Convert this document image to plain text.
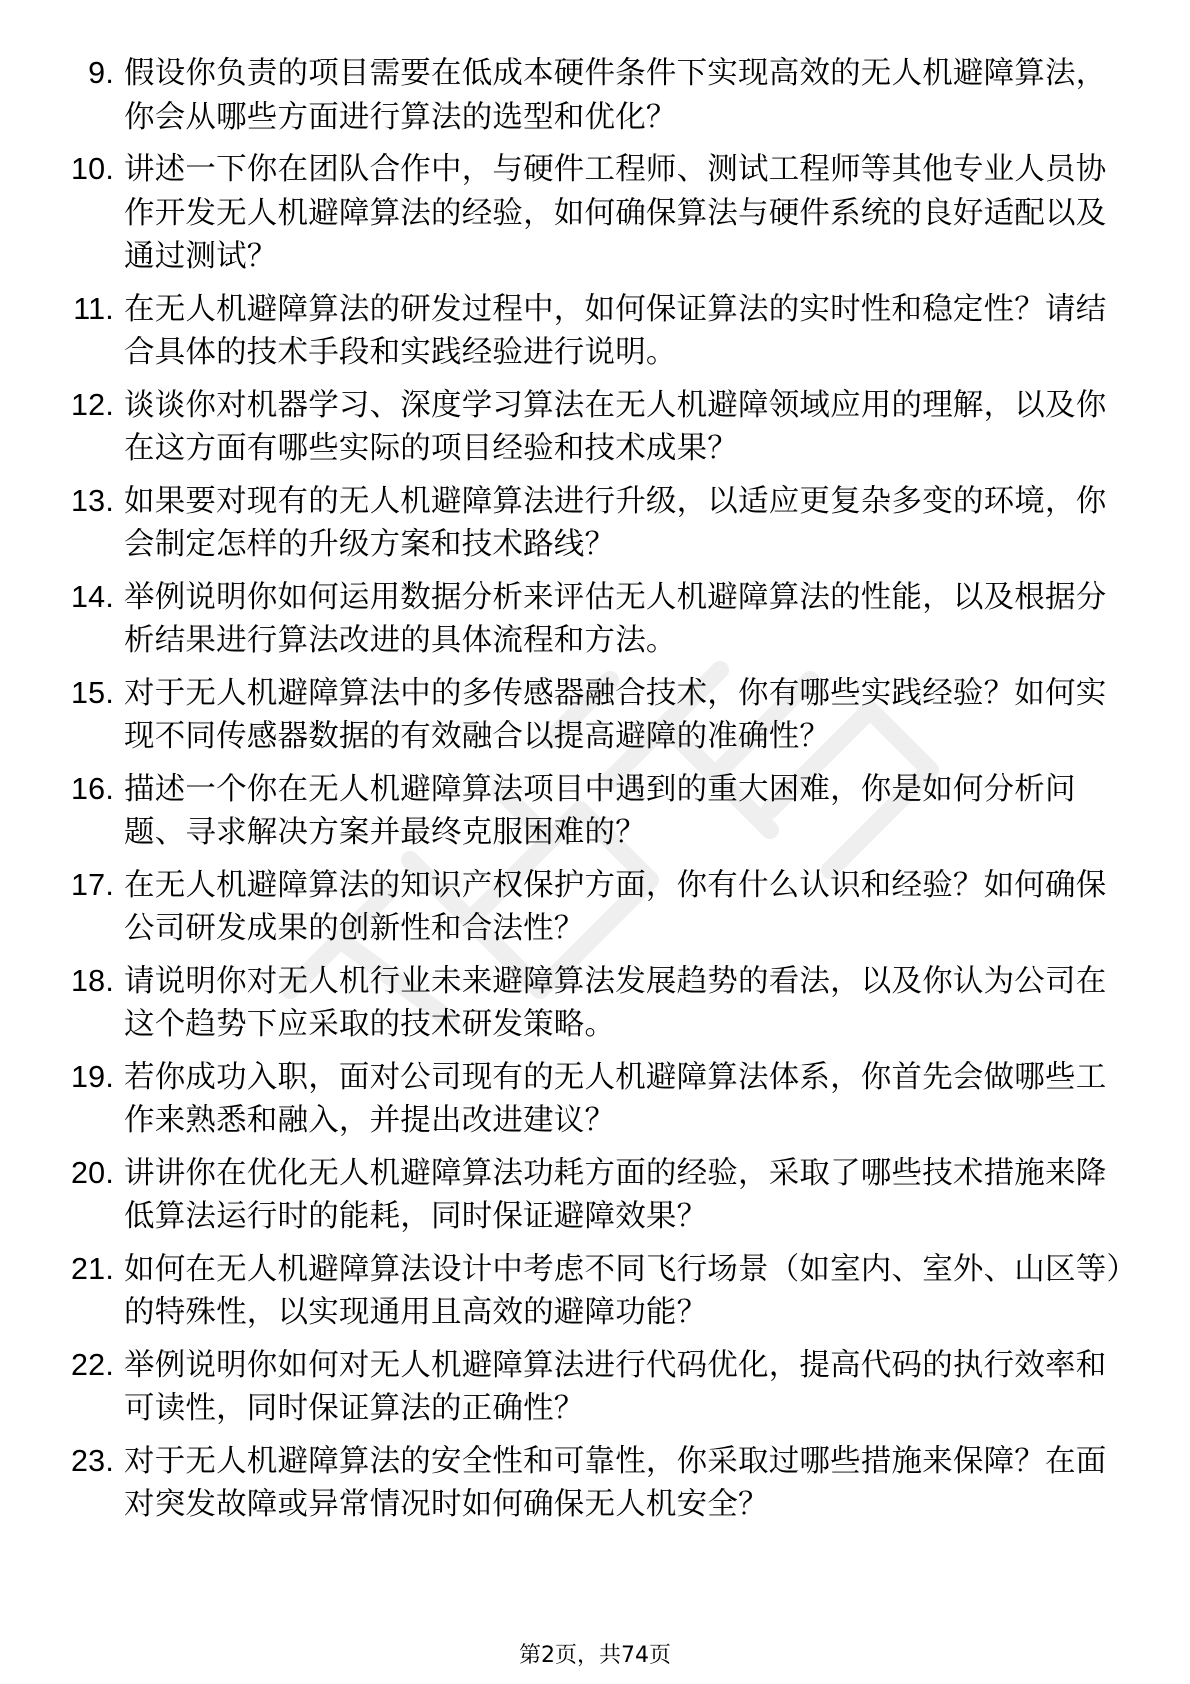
9. 假设你负责的项目需要在低成本硬件条件下实现高效的无人机避障算法，你会从哪些方面进行算法的选型和优化？
10. 讲述一下你在团队合作中，与硬件工程师、测试工程师等其他专业人员协作开发无人机避障算法的经验，如何确保算法与硬件系统的良好适配以及通过测试？
11. 在无人机避障算法的研发过程中，如何保证算法的实时性和稳定性？请结合具体的技术手段和实践经验进行说明。
12. 谈谈你对机器学习、深度学习算法在无人机避障领域应用的理解，以及你在这方面有哪些实际的项目经验和技术成果？
13. 如果要对现有的无人机避障算法进行升级，以适应更复杂多变的环境，你会制定怎样的升级方案和技术路线？
14. 举例说明你如何运用数据分析来评估无人机避障算法的性能，以及根据分析结果进行算法改进的具体流程和方法。
15. 对于无人机避障算法中的多传感器融合技术，你有哪些实践经验？如何实现不同传感器数据的有效融合以提高避障的准确性？
16. 描述一个你在无人机避障算法项目中遇到的重大困难，你是如何分析问题、寻求解决方案并最终克服困难的？
17. 在无人机避障算法的知识产权保护方面，你有什么认识和经验？如何确保公司研发成果的创新性和合法性？
18. 请说明你对无人机行业未来避障算法发展趋势的看法，以及你认为公司在这个趋势下应采取的技术研发策略。
19. 若你成功入职，面对公司现有的无人机避障算法体系，你首先会做哪些工作来熟悉和融入，并提出改进建议？
20. 讲讲你在优化无人机避障算法功耗方面的经验，采取了哪些技术措施来降低算法运行时的能耗，同时保证避障效果？
21. 如何在无人机避障算法设计中考虑不同飞行场景（如室内、室外、山区等）的特殊性，以实现通用且高效的避障功能？
22. 举例说明你如何对无人机避障算法进行代码优化，提高代码的执行效率和可读性，同时保证算法的正确性？
23. 对于无人机避障算法的安全性和可靠性，你采取过哪些措施来保障？在面对突发故障或异常情况时如何确保无人机安全？
第2页，共74页
